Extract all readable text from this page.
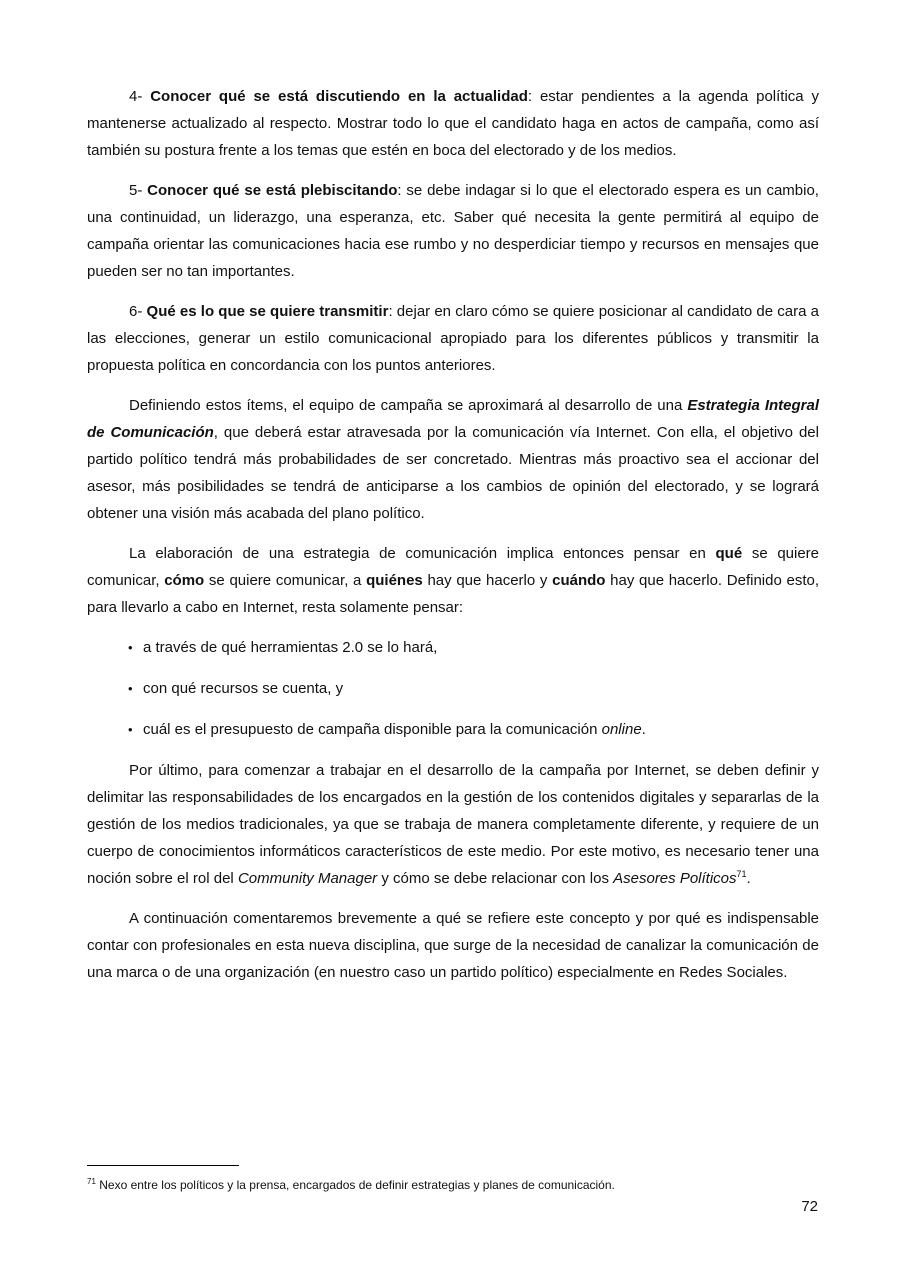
4- Conocer qué se está discutiendo en la actualidad: estar pendientes a la agenda política y mantenerse actualizado al respecto. Mostrar todo lo que el candidato haga en actos de campaña, como así también su postura frente a los temas que estén en boca del electorado y de los medios.

5- Conocer qué se está plebiscitando: se debe indagar si lo que el electorado espera es un cambio, una continuidad, un liderazgo, una esperanza, etc. Saber qué necesita la gente permitirá al equipo de campaña orientar las comunicaciones hacia ese rumbo y no desperdiciar tiempo y recursos en mensajes que pueden ser no tan importantes.

6- Qué es lo que se quiere transmitir: dejar en claro cómo se quiere posicionar al candidato de cara a las elecciones, generar un estilo comunicacional apropiado para los diferentes públicos y transmitir la propuesta política en concordancia con los puntos anteriores.

Definiendo estos ítems, el equipo de campaña se aproximará al desarrollo de una Estrategia Integral de Comunicación, que deberá estar atravesada por la comunicación vía Internet. Con ella, el objetivo del partido político tendrá más probabilidades de ser concretado. Mientras más proactivo sea el accionar del asesor, más posibilidades se tendrá de anticiparse a los cambios de opinión del electorado, y se logrará obtener una visión más acabada del plano político.

La elaboración de una estrategia de comunicación implica entonces pensar en qué se quiere comunicar, cómo se quiere comunicar, a quiénes hay que hacerlo y cuándo hay que hacerlo. Definido esto, para llevarlo a cabo en Internet, resta solamente pensar:

• a través de qué herramientas 2.0 se lo hará,
• con qué recursos se cuenta, y
• cuál es el presupuesto de campaña disponible para la comunicación online.

Por último, para comenzar a trabajar en el desarrollo de la campaña por Internet, se deben definir y delimitar las responsabilidades de los encargados en la gestión de los contenidos digitales y separarlas de la gestión de los medios tradicionales, ya que se trabaja de manera completamente diferente, y requiere de un cuerpo de conocimientos informáticos característicos de este medio. Por este motivo, es necesario tener una noción sobre el rol del Community Manager y cómo se debe relacionar con los Asesores Políticos$^{71}$.

A continuación comentaremos brevemente a qué se refiere este concepto y por qué es indispensable contar con profesionales en esta nueva disciplina, que surge de la necesidad de canalizar la comunicación de una marca o de una organización (en nuestro caso un partido político) especialmente en Redes Sociales.

$^{71}$ Nexo entre los políticos y la prensa, encargados de definir estrategias y planes de comunicación.
72
